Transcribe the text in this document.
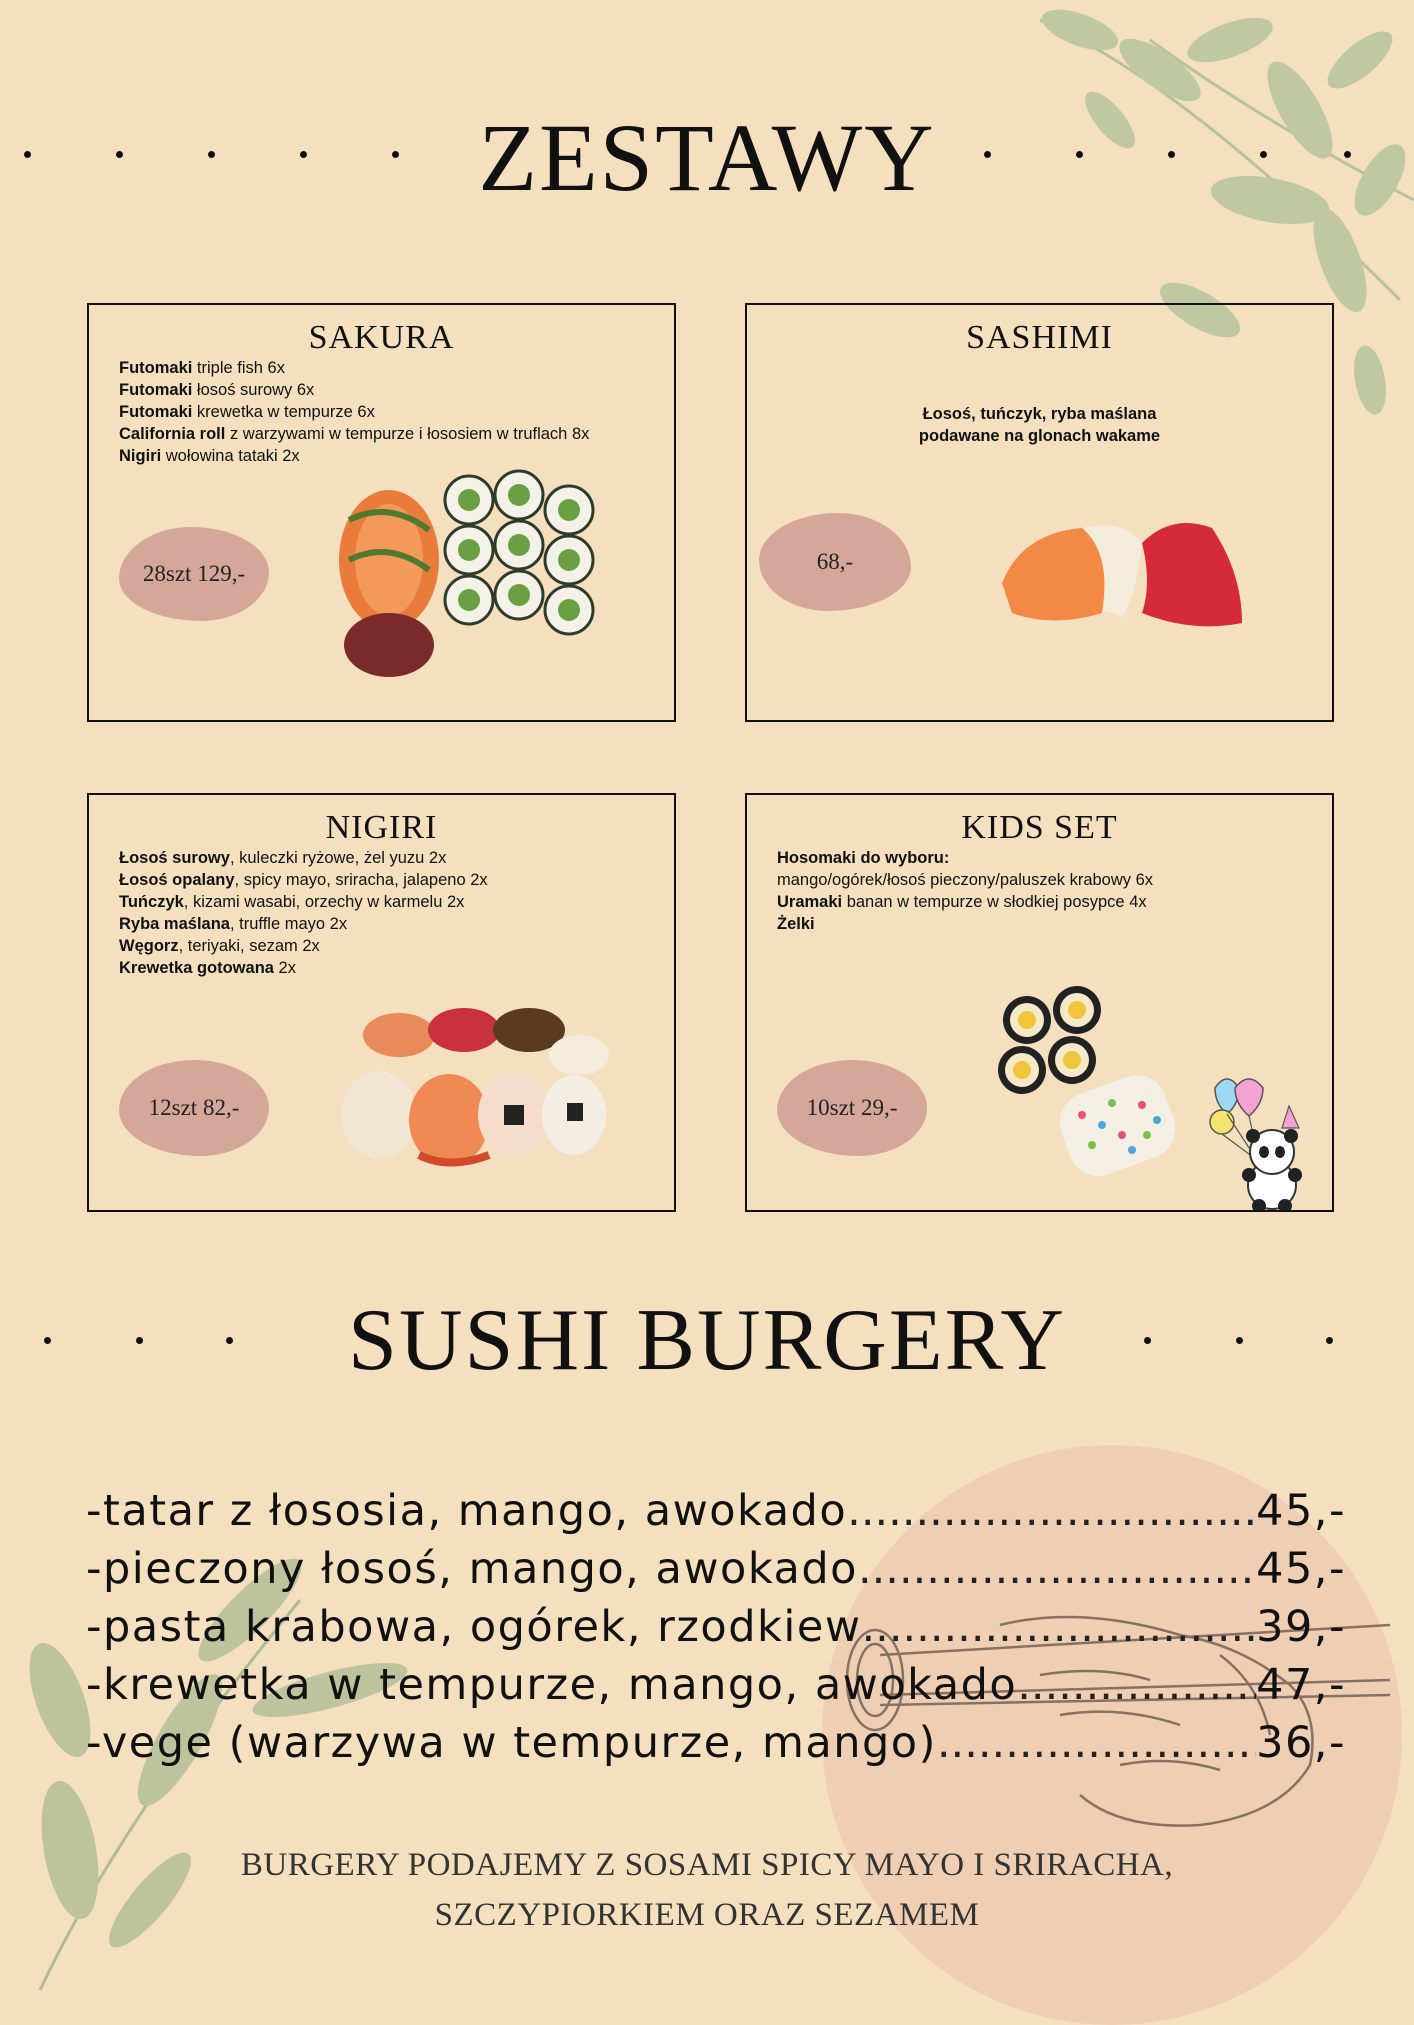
ZESTAWY
SAKURA
Futomaki triple fish 6x
Futomaki łosoś surowy 6x
Futomaki krewetka w tempurze 6x
California roll z warzywami w tempurze i łososiem w truflach 8x
Nigiri wołowina tataki 2x
28szt 129,-
SASHIMI
Łosoś, tuńczyk, ryba maślana
podawane na glonach wakame
68,-
NIGIRI
Łosoś surowy, kuleczki ryżowe, żel yuzu 2x
Łosoś opalany, spicy mayo, sriracha, jalapeno 2x
Tuńczyk, kizami wasabi, orzechy w karmelu 2x
Ryba maślana, truffle mayo 2x
Węgorz, teriyaki, sezam 2x
Krewetka gotowana 2x
12szt 82,-
KIDS SET
Hosomaki do wyboru:
mango/ogórek/łosoś pieczony/paluszek krabowy 6x
Uramaki banan w tempurze w słodkiej posypce 4x
Żelki
10szt 29,-
SUSHI BURGERY
-tatar z łososia, mango, awokado .....	45,-
-pieczony łosoś, mango, awokado .....	45,-
-pasta krabowa, ogórek, rzodkiew .....	39,-
-krewetka w tempurze, mango, awokado .....	47,-
-vege (warzywa w tempurze, mango) .....	36,-
BURGERY PODAJEMY Z SOSAMI SPICY MAYO I SRIRACHA,
SZCZYPIORKIEM ORAZ SEZAMEM
